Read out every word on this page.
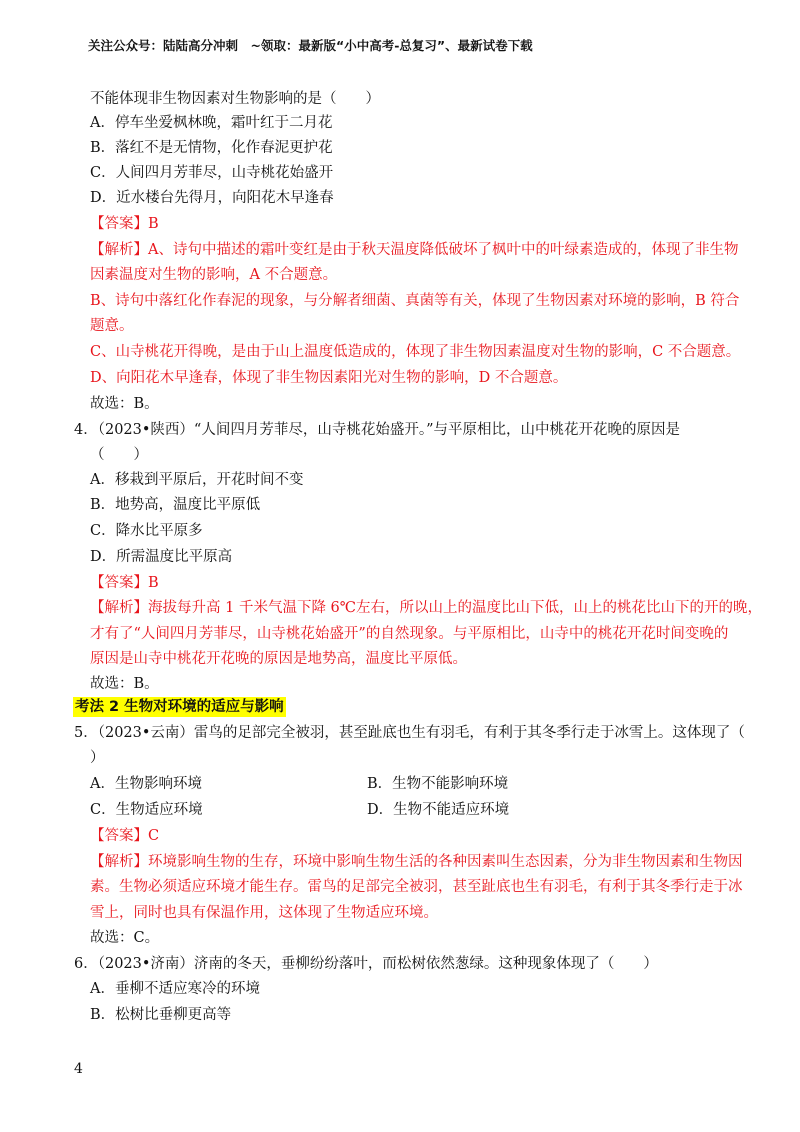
关注公众号：陆陆高分冲刺　~领取：最新版“小中高考-总复习”、最新试卷下载
不能体现非生物因素对生物影响的是（　　）
A．停车坐爱枫林晚，霜叶红于二月花
B．落红不是无情物，化作春泥更护花
C．人间四月芳菲尽，山寺桃花始盛开
D．近水楼台先得月，向阳花木早逢春
【答案】B
【解析】A、诗句中描述的霜叶变红是由于秋天温度降低破坏了枫叶中的叶绿素造成的，体现了非生物
因素温度对生物的影响，A 不合题意。
B、诗句中落红化作春泥的现象，与分解者细菌、真菌等有关，体现了生物因素对环境的影响，B 符合
题意。
C、山寺桃花开得晚，是由于山上温度低造成的，体现了非生物因素温度对生物的影响，C 不合题意。
D、向阳花木早逢春，体现了非生物因素阳光对生物的影响，D 不合题意。
故选：B。
4．（2023•陕西）“人间四月芳菲尽，山寺桃花始盛开。”与平原相比，山中桃花开花晚的原因是
（　　）
A．移栽到平原后，开花时间不变
B．地势高，温度比平原低
C．降水比平原多
D．所需温度比平原高
【答案】B
【解析】海拔每升高 1 千米气温下降 6℃左右，所以山上的温度比山下低，山上的桃花比山下的开的晚，
才有了“人间四月芳菲尽，山寺桃花始盛开”的自然现象。与平原相比，山寺中的桃花开花时间变晚的
原因是山寺中桃花开花晚的原因是地势高，温度比平原低。
故选：B。
考法 2 生物对环境的适应与影响
5．（2023•云南）雷鸟的足部完全被羽，甚至趾底也生有羽毛，有利于其冬季行走于冰雪上。这体现了（
）
A．生物影响环境	B．生物不能影响环境
C．生物适应环境	D．生物不能适应环境
【答案】C
【解析】环境影响生物的生存，环境中影响生物生活的各种因素叫生态因素，分为非生物因素和生物因
素。生物必须适应环境才能生存。雷鸟的足部完全被羽，甚至趾底也生有羽毛，有利于其冬季行走于冰
雪上，同时也具有保温作用，这体现了生物适应环境。
故选：C。
6．（2023•济南）济南的冬天，垂柳纷纷落叶，而松树依然葱绿。这种现象体现了（　　）
A．垂柳不适应寒冷的环境
B．松树比垂柳更高等
4
